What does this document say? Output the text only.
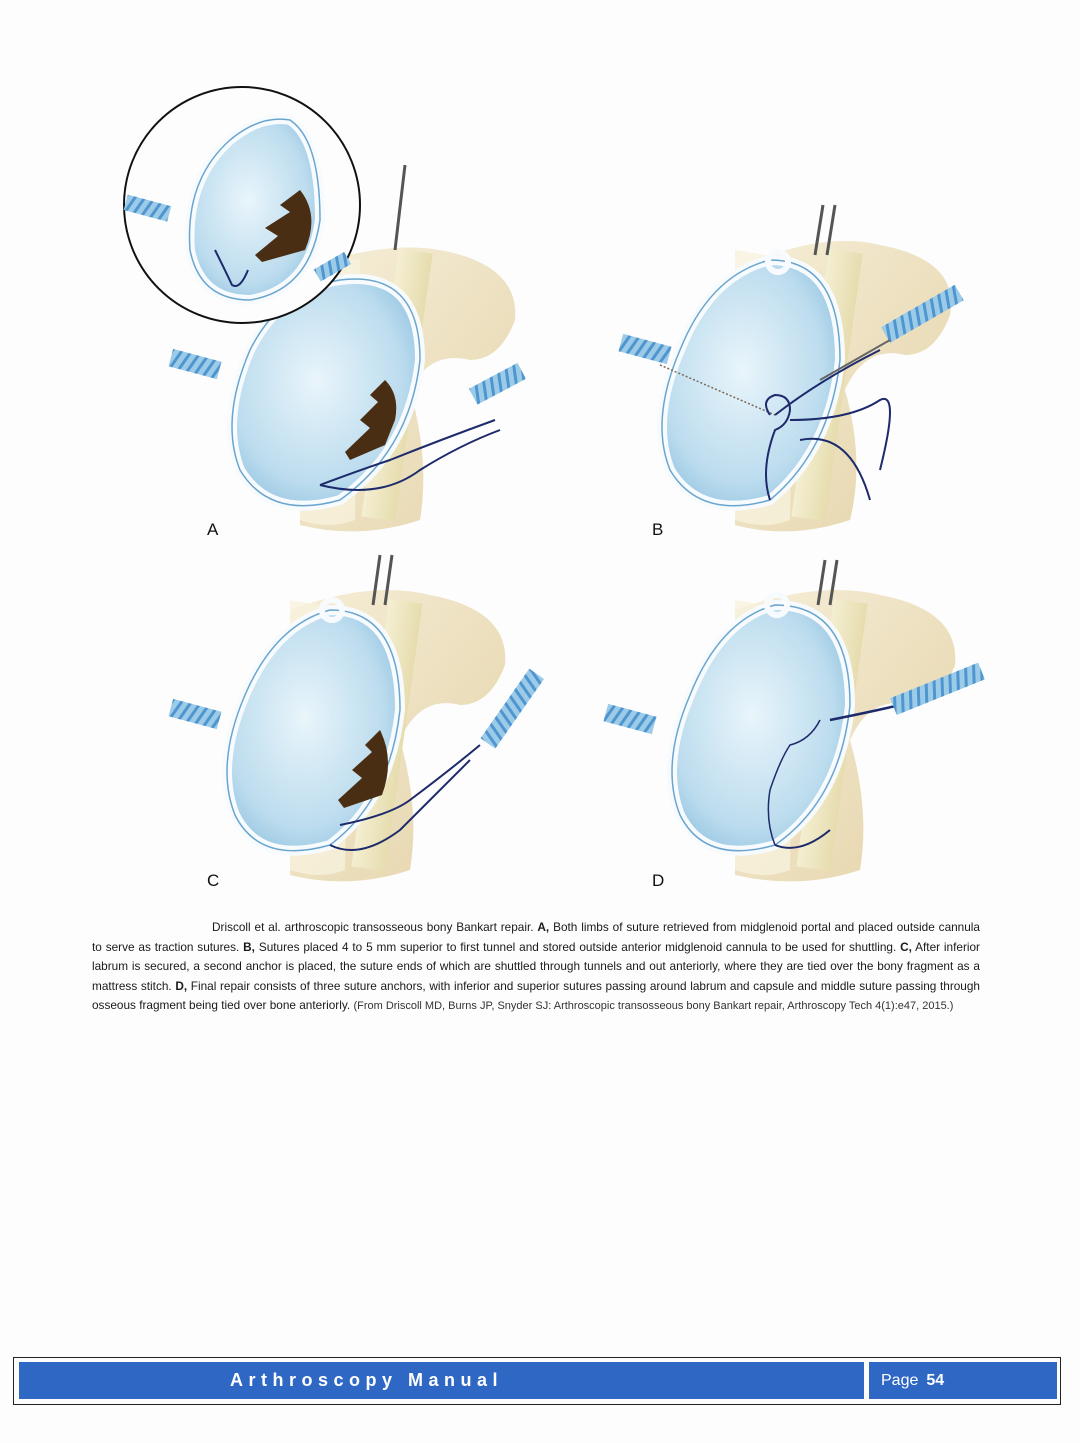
A	B
C	D
Driscoll et al. arthroscopic transosseous bony Bankart repair. A, Both limbs of suture retrieved from midglenoid portal and placed outside cannula to serve as traction sutures. B, Sutures placed 4 to 5 mm superior to first tunnel and stored outside anterior midglenoid cannula to be used for shuttling. C, After inferior labrum is secured, a second anchor is placed, the suture ends of which are shuttled through tunnels and out anteriorly, where they are tied over the bony fragment as a mattress stitch. D, Final repair consists of three suture anchors, with inferior and superior sutures passing around labrum and capsule and middle suture passing through osseous fragment being tied over bone anteriorly. (From Driscoll MD, Burns JP, Snyder SJ: Arthroscopic transosseous bony Bankart repair, Arthroscopy Tech 4(1):e47, 2015.)
Arthroscopy Manual	Page 54
